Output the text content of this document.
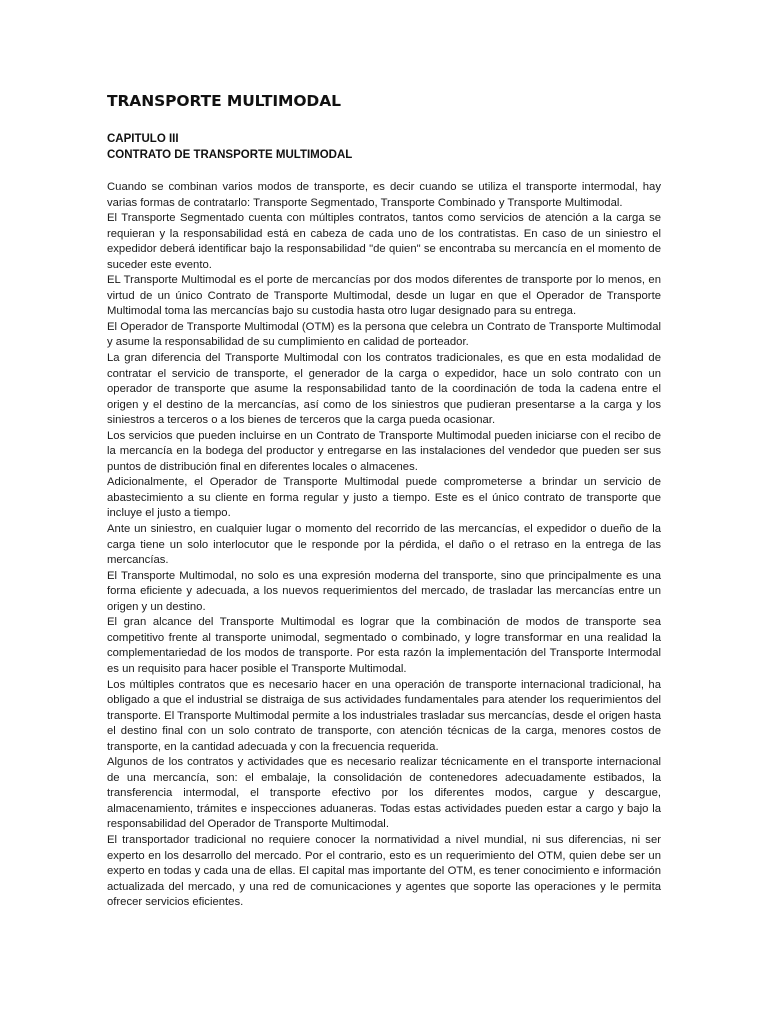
TRANSPORTE MULTIMODAL
CAPITULO III
CONTRATO DE TRANSPORTE MULTIMODAL

Cuando se combinan varios modos de transporte, es decir cuando se utiliza el transporte intermodal, hay varias formas de contratarlo: Transporte Segmentado, Transporte Combinado y Transporte Multimodal.

El Transporte Segmentado cuenta con múltiples contratos, tantos como servicios de atención a la carga se requieran y la responsabilidad está en cabeza de cada uno de los contratistas. En caso de un siniestro el expedidor deberá identificar bajo la responsabilidad "de quien" se encontraba su mercancía en el momento de suceder este evento.

EL Transporte Multimodal es el porte de mercancías por dos modos diferentes de transporte por lo menos, en virtud de un único Contrato de Transporte Multimodal, desde un lugar en que el Operador de Transporte Multimodal toma las mercancías bajo su custodia hasta otro lugar designado para su entrega.

El Operador de Transporte Multimodal (OTM) es la persona que celebra un Contrato de Transporte Multimodal y asume la responsabilidad de su cumplimiento en calidad de porteador.

La gran diferencia del Transporte Multimodal con los contratos tradicionales, es que en esta modalidad de contratar el servicio de transporte, el generador de la carga o expedidor, hace un solo contrato con un operador de transporte que asume la responsabilidad tanto de la coordinación de toda la cadena entre el origen y el destino de la mercancías, así como de los siniestros que pudieran presentarse a la carga y los siniestros a terceros o a los bienes de terceros que la carga pueda ocasionar.

Los servicios que pueden incluirse en un Contrato de Transporte Multimodal pueden iniciarse con el recibo de la mercancía en la bodega del productor y entregarse en las instalaciones del vendedor que pueden ser sus puntos de distribución final en diferentes locales o almacenes.

Adicionalmente, el Operador de Transporte Multimodal puede comprometerse a brindar un servicio de abastecimiento a su cliente en forma regular y justo a tiempo. Este es el único contrato de transporte que incluye el justo a tiempo.

Ante un siniestro, en cualquier lugar o momento del recorrido de las mercancías, el expedidor o dueño de la carga tiene un solo interlocutor que le responde por la pérdida, el daño o el retraso en la entrega de las mercancías.

El Transporte Multimodal, no solo es una expresión moderna del transporte, sino que principalmente es una forma eficiente y adecuada, a los nuevos requerimientos del mercado, de trasladar las mercancías entre un origen y un destino.

El gran alcance del Transporte Multimodal es lograr que la combinación de modos de transporte sea competitivo frente al transporte unimodal, segmentado o combinado, y logre transformar en una realidad la complementariedad de los modos de transporte. Por esta razón la implementación del Transporte Intermodal es un requisito para hacer posible el Transporte Multimodal.

Los múltiples contratos que es necesario hacer en una operación de transporte internacional tradicional, ha obligado a que el industrial se distraiga de sus actividades fundamentales para atender los requerimientos del transporte. El Transporte Multimodal permite a los industriales trasladar sus mercancías, desde el origen hasta el destino final con un solo contrato de transporte, con atención técnicas de la carga, menores costos de transporte, en la cantidad adecuada y con la frecuencia requerida.

Algunos de los contratos y actividades que es necesario realizar técnicamente en el transporte internacional de una mercancía, son: el embalaje, la consolidación de contenedores adecuadamente estibados, la transferencia intermodal, el transporte efectivo por los diferentes modos, cargue y descargue, almacenamiento, trámites e inspecciones aduaneras. Todas estas actividades pueden estar a cargo y bajo la responsabilidad del Operador de Transporte Multimodal.

El transportador tradicional no requiere conocer la normatividad a nivel mundial, ni sus diferencias, ni ser experto en los desarrollo del mercado. Por el contrario, esto es un requerimiento del OTM, quien debe ser un experto en todas y cada una de ellas. El capital mas importante del OTM, es tener conocimiento e información actualizada del mercado, y una red de comunicaciones y agentes que soporte las operaciones y le permita ofrecer servicios eficientes.
